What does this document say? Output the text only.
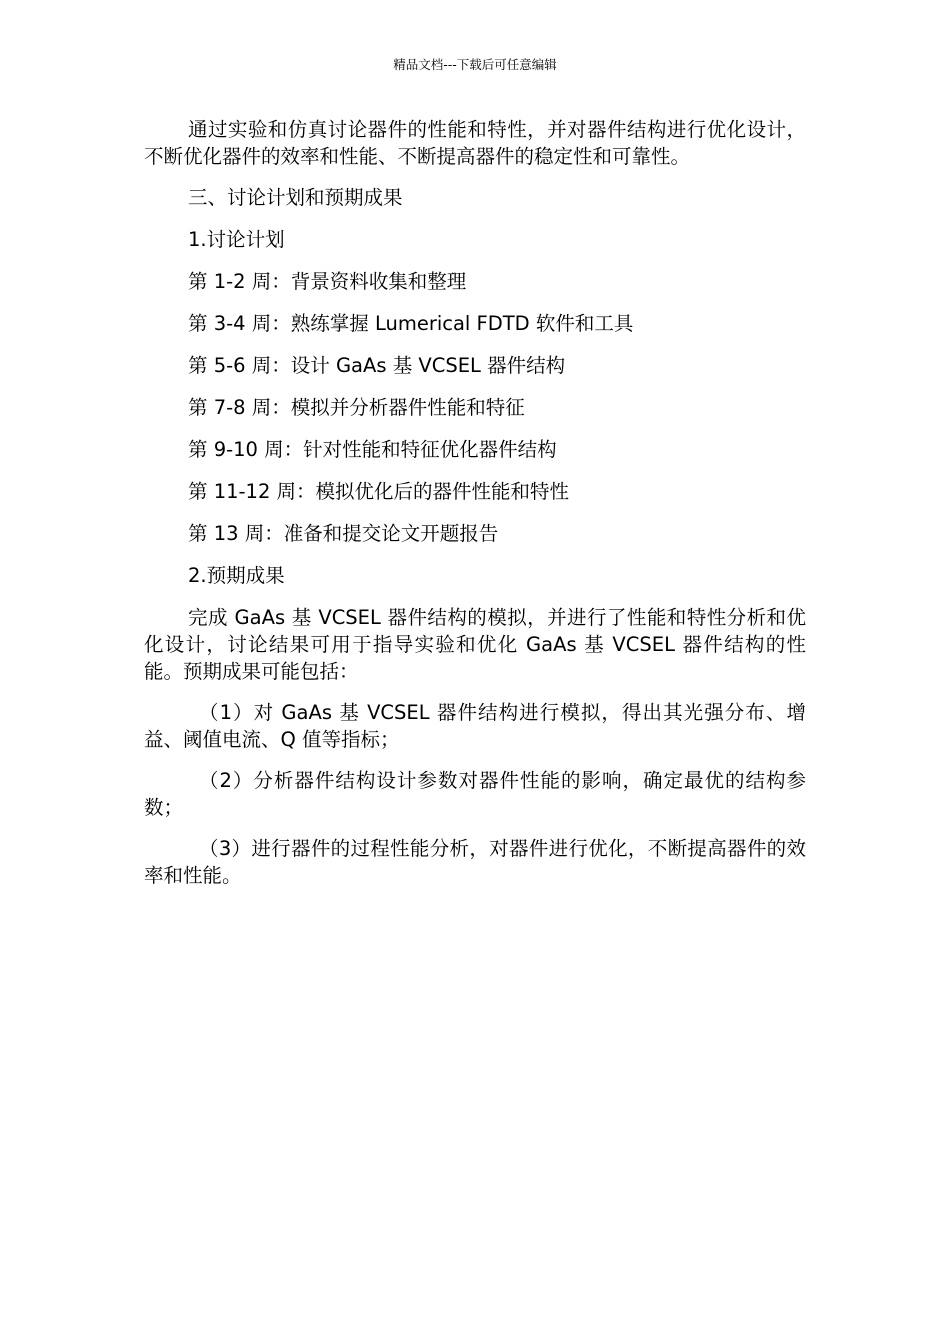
精品文档---下载后可任意编辑

通过实验和仿真讨论器件的性能和特性，并对器件结构进行优化设计，不断优化器件的效率和性能、不断提高器件的稳定性和可靠性。

三、讨论计划和预期成果

1.讨论计划

第 1-2 周：背景资料收集和整理

第 3-4 周：熟练掌握 Lumerical FDTD 软件和工具

第 5-6 周：设计 GaAs 基 VCSEL 器件结构

第 7-8 周：模拟并分析器件性能和特征

第 9-10 周：针对性能和特征优化器件结构

第 11-12 周：模拟优化后的器件性能和特性

第 13 周：准备和提交论文开题报告

2.预期成果

完成 GaAs 基 VCSEL 器件结构的模拟，并进行了性能和特性分析和优化设计，讨论结果可用于指导实验和优化 GaAs 基 VCSEL 器件结构的性能。预期成果可能包括：

（1）对 GaAs 基 VCSEL 器件结构进行模拟，得出其光强分布、增益、阈值电流、Q 值等指标；

（2）分析器件结构设计参数对器件性能的影响，确定最优的结构参数；

（3）进行器件的过程性能分析，对器件进行优化，不断提高器件的效率和性能。
